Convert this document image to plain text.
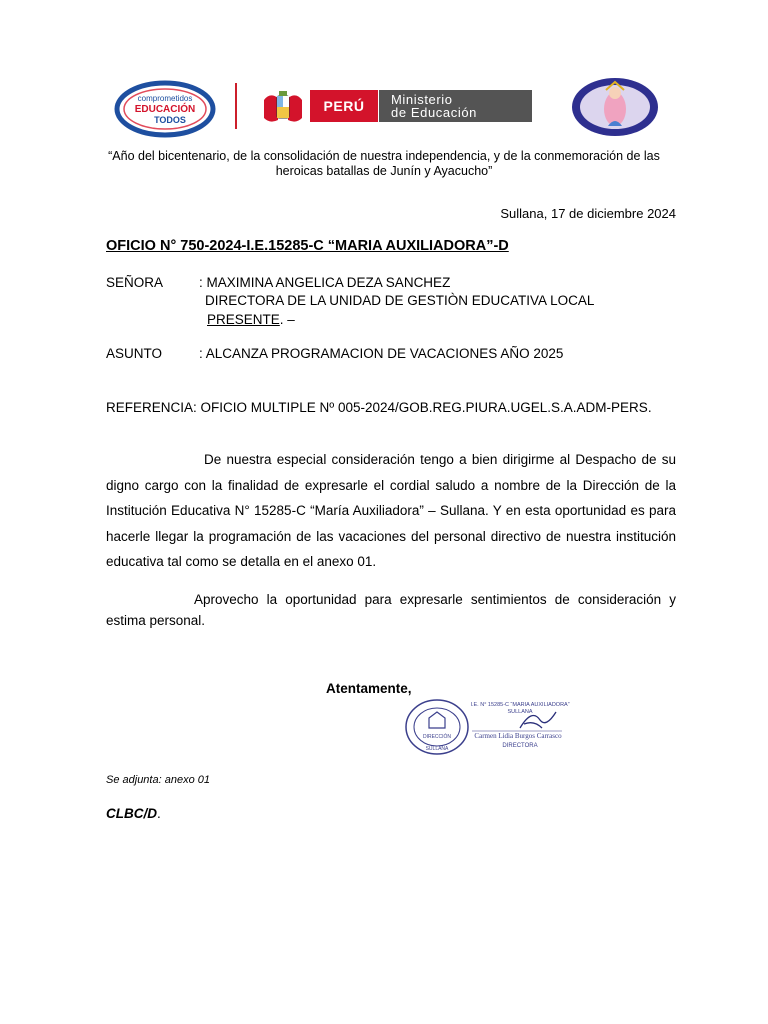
comprometidos
EDUCACIÓN
TODOS
PERÚ	Ministerio
de Educación
“Año del bicentenario, de la consolidación de nuestra independencia, y de la conmemoración de las
heroicas batallas de Junín y Ayacucho”
Sullana, 17 de diciembre 2024
OFICIO N° 750-2024-I.E.15285-C “MARIA AUXILIADORA”-D
SEÑORA	: MAXIMINA ANGELICA DEZA SANCHEZ
DIRECTORA DE LA UNIDAD DE GESTIÒN EDUCATIVA LOCAL
PRESENTE. –
ASUNTO	: ALCANZA PROGRAMACION DE VACACIONES AÑO 2025
REFERENCIA: OFICIO MULTIPLE Nº 005-2024/GOB.REG.PIURA.UGEL.S.A.ADM-PERS.
De nuestra especial consideración tengo a bien dirigirme al Despacho de su digno cargo con la finalidad de expresarle el cordial saludo a nombre de la Dirección de la Institución Educativa N° 15285-C “María Auxiliadora” – Sullana. Y en esta oportunidad es para hacerle llegar la programación de las vacaciones del personal directivo de nuestra institución educativa tal como se detalla en el anexo 01.
Aprovecho la oportunidad para expresarle sentimientos de consideración y estima personal.
Atentamente,
DIRECCIÓN
SULLANA
I.E. N° 15285-C “MARIA AUXILIADORA”
SULLANA
Carmen Lidia Burgos Carrasco
DIRECTORA
Se adjunta: anexo 01
CLBC/D.
